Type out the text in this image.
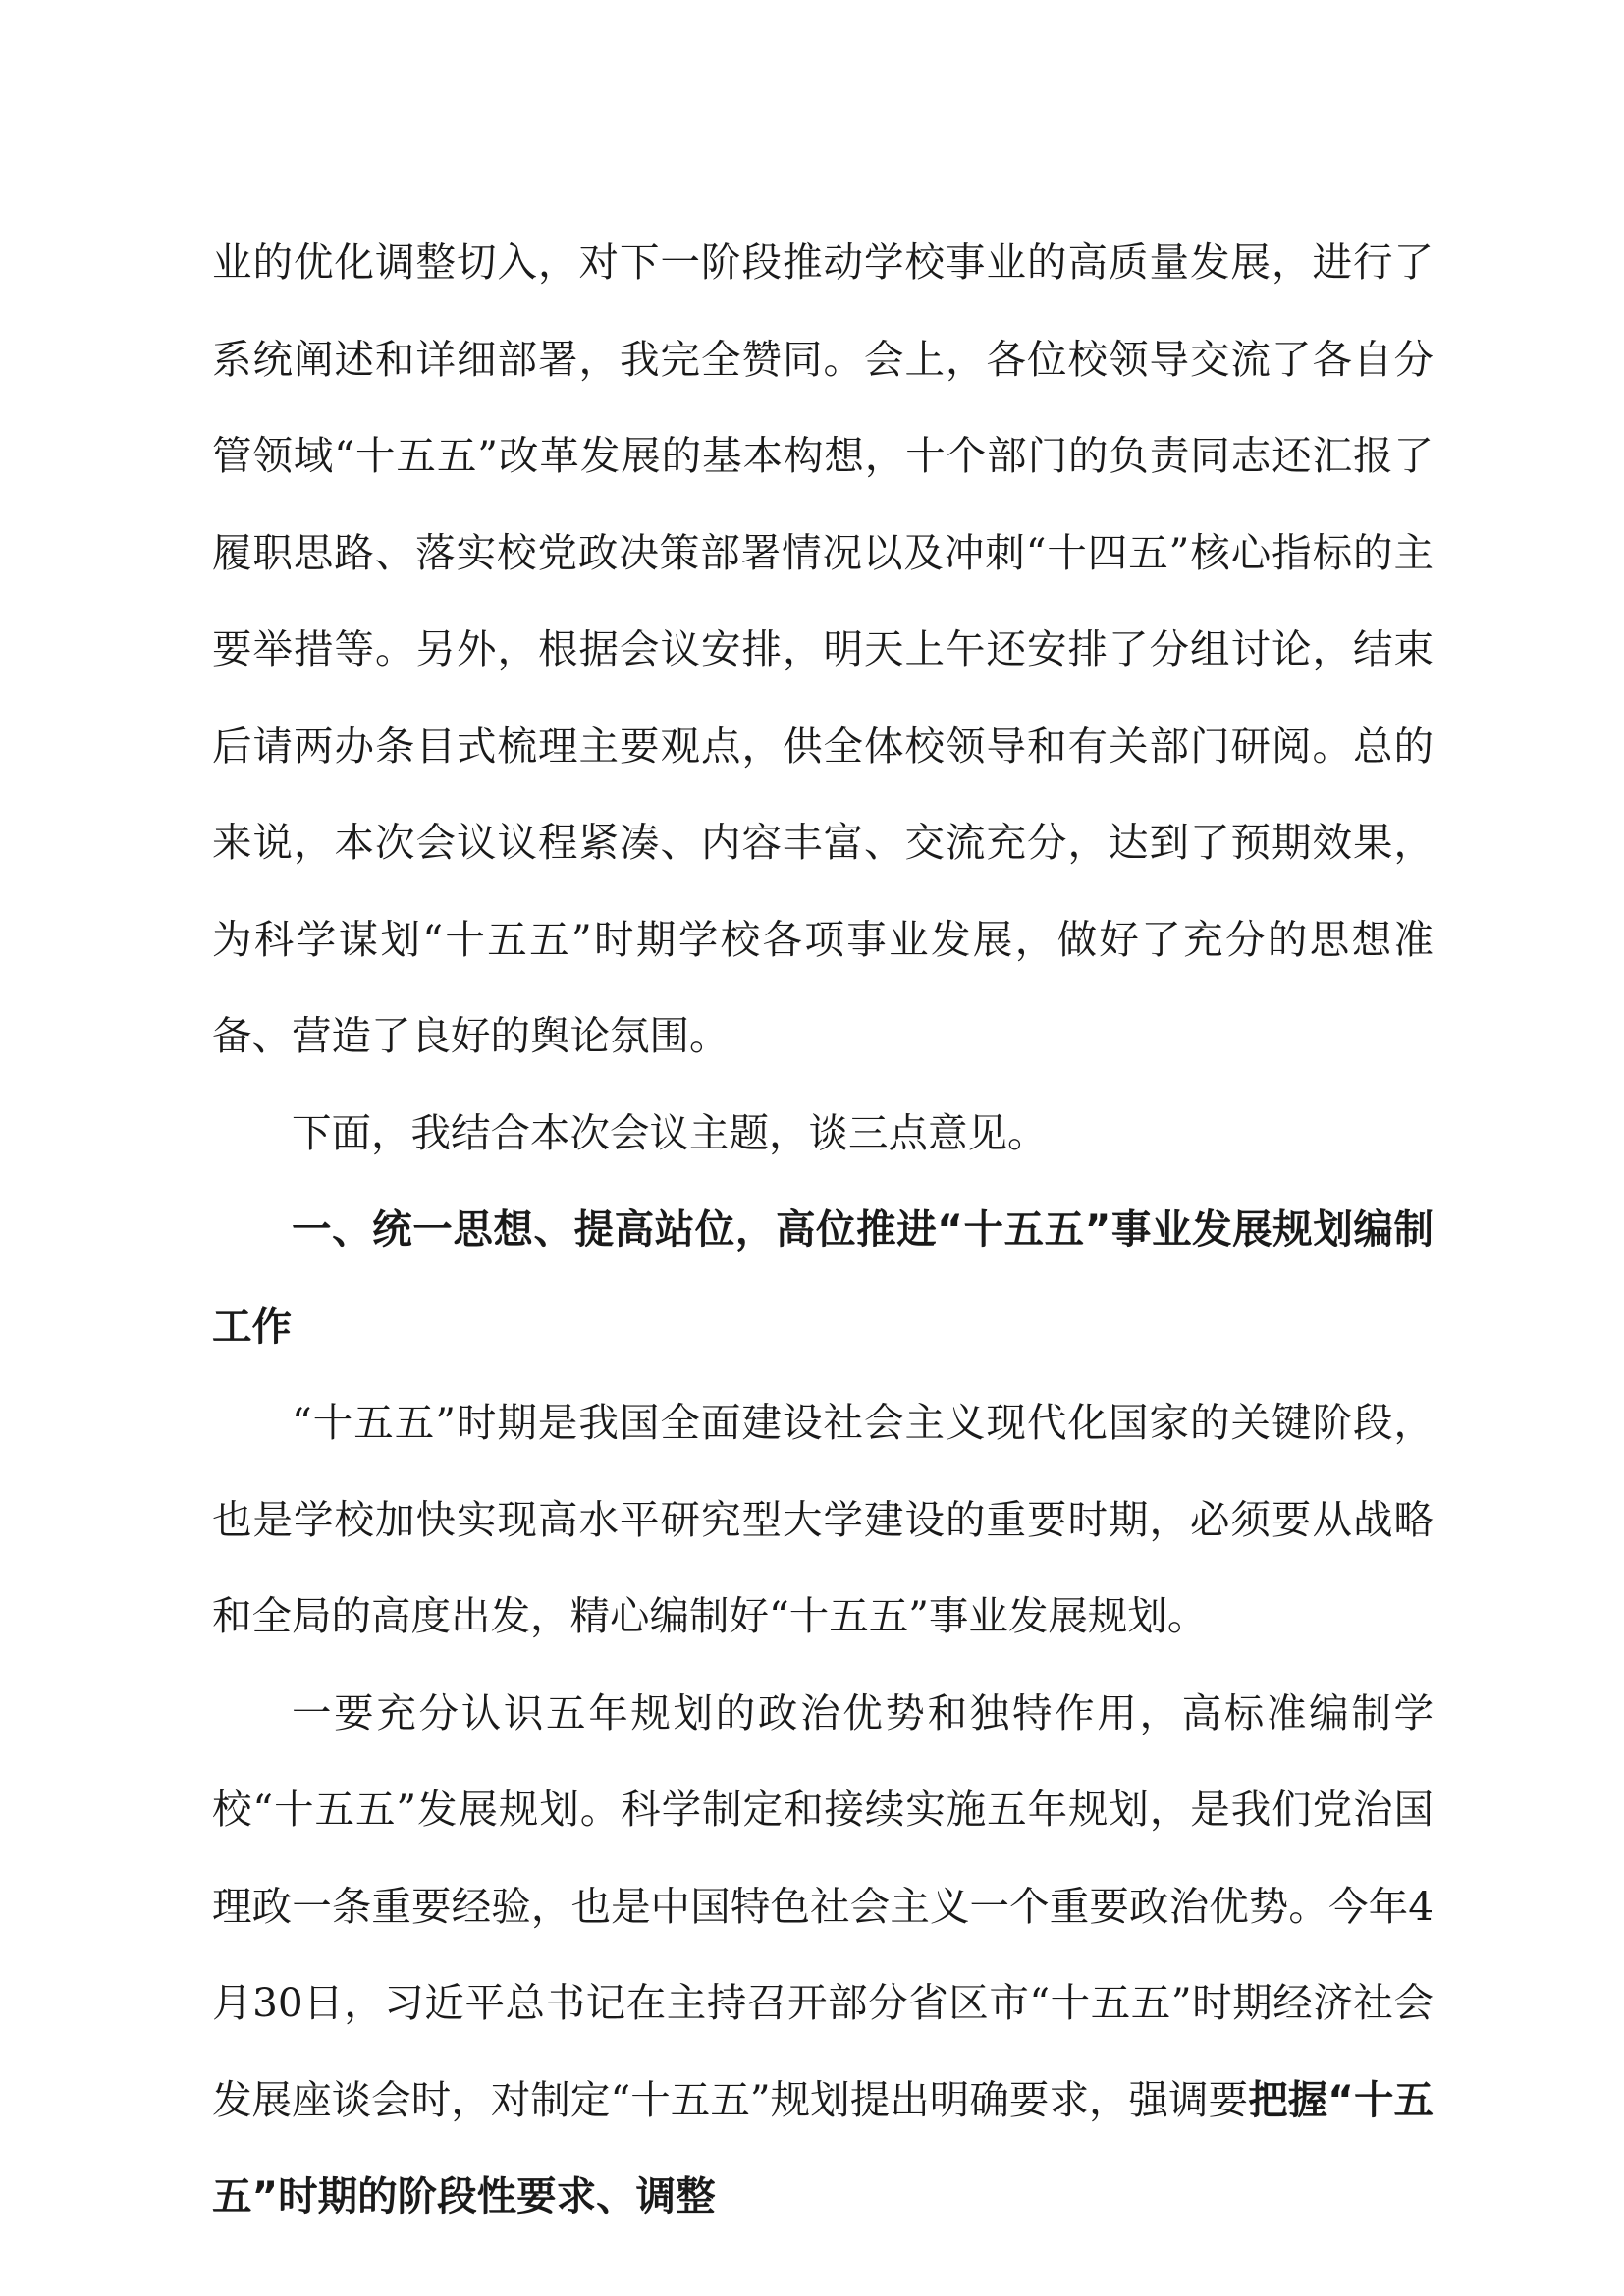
业的优化调整切入，对下一阶段推动学校事业的高质量发展，进行了系统阐述和详细部署，我完全赞同。会上，各位校领导交流了各自分管领域“十五五”改革发展的基本构想，十个部门的负责同志还汇报了履职思路、落实校党政决策部署情况以及冲刺“十四五”核心指标的主要举措等。另外，根据会议安排，明天上午还安排了分组讨论，结束后请两办条目式梳理主要观点，供全体校领导和有关部门研阅。总的来说，本次会议议程紧凑、内容丰富、交流充分，达到了预期效果，为科学谋划“十五五”时期学校各项事业发展，做好了充分的思想准备、营造了良好的舆论氛围。

下面，我结合本次会议主题，谈三点意见。

一、统一思想、提高站位，高位推进“十五五”事业发展规划编制工作

“十五五”时期是我国全面建设社会主义现代化国家的关键阶段，也是学校加快实现高水平研究型大学建设的重要时期，必须要从战略和全局的高度出发，精心编制好“十五五”事业发展规划。

一要充分认识五年规划的政治优势和独特作用，高标准编制学校“十五五”发展规划。科学制定和接续实施五年规划，是我们党治国理政一条重要经验，也是中国特色社会主义一个重要政治优势。今年4月30日，习近平总书记在主持召开部分省区市“十五五”时期经济社会发展座谈会时，对制定“十五五”规划提出明确要求，强调要把握“十五五”时期的阶段性要求、调整
